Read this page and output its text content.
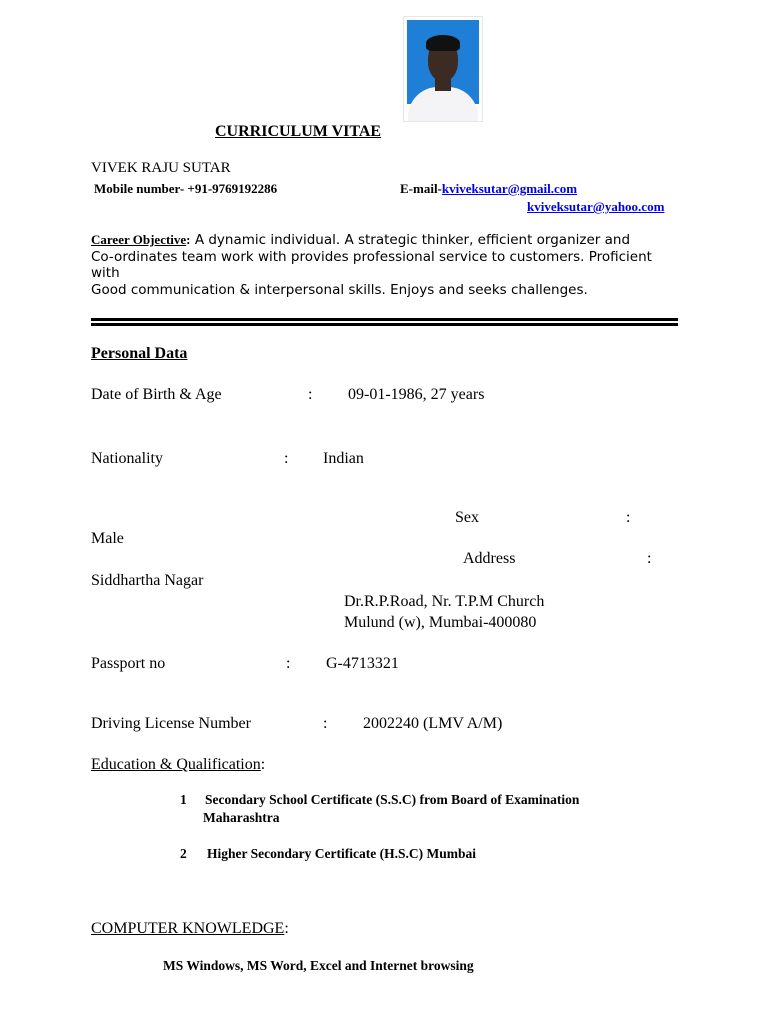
CURRICULUM VITAE
VIVEK RAJU SUTAR
Mobile number- +91-9769192286	E-mail-kviveksutar@gmail.com
kviveksutar@yahoo.com
Career Objective: A dynamic individual. A strategic thinker, efficient organizer and
Co-ordinates team work with provides professional service to customers. Proficient
with
Good communication & interpersonal skills. Enjoys and seeks challenges.
Personal Data
Date of Birth & Age	: 09-01-1986, 27 years
Nationality	: Indian
Sex	:
Male
Address	:
Siddhartha Nagar
Dr.R.P.Road, Nr. T.P.M Church
Mulund (w), Mumbai-400080
Passport no	: G-4713321
Driving License Number	: 2002240 (LMV A/M)
Education & Qualification:
1 Secondary School Certificate (S.S.C) from Board of Examination
Maharashtra
2 Higher Secondary Certificate (H.S.C) Mumbai
COMPUTER KNOWLEDGE:
MS Windows, MS Word, Excel and Internet browsing
